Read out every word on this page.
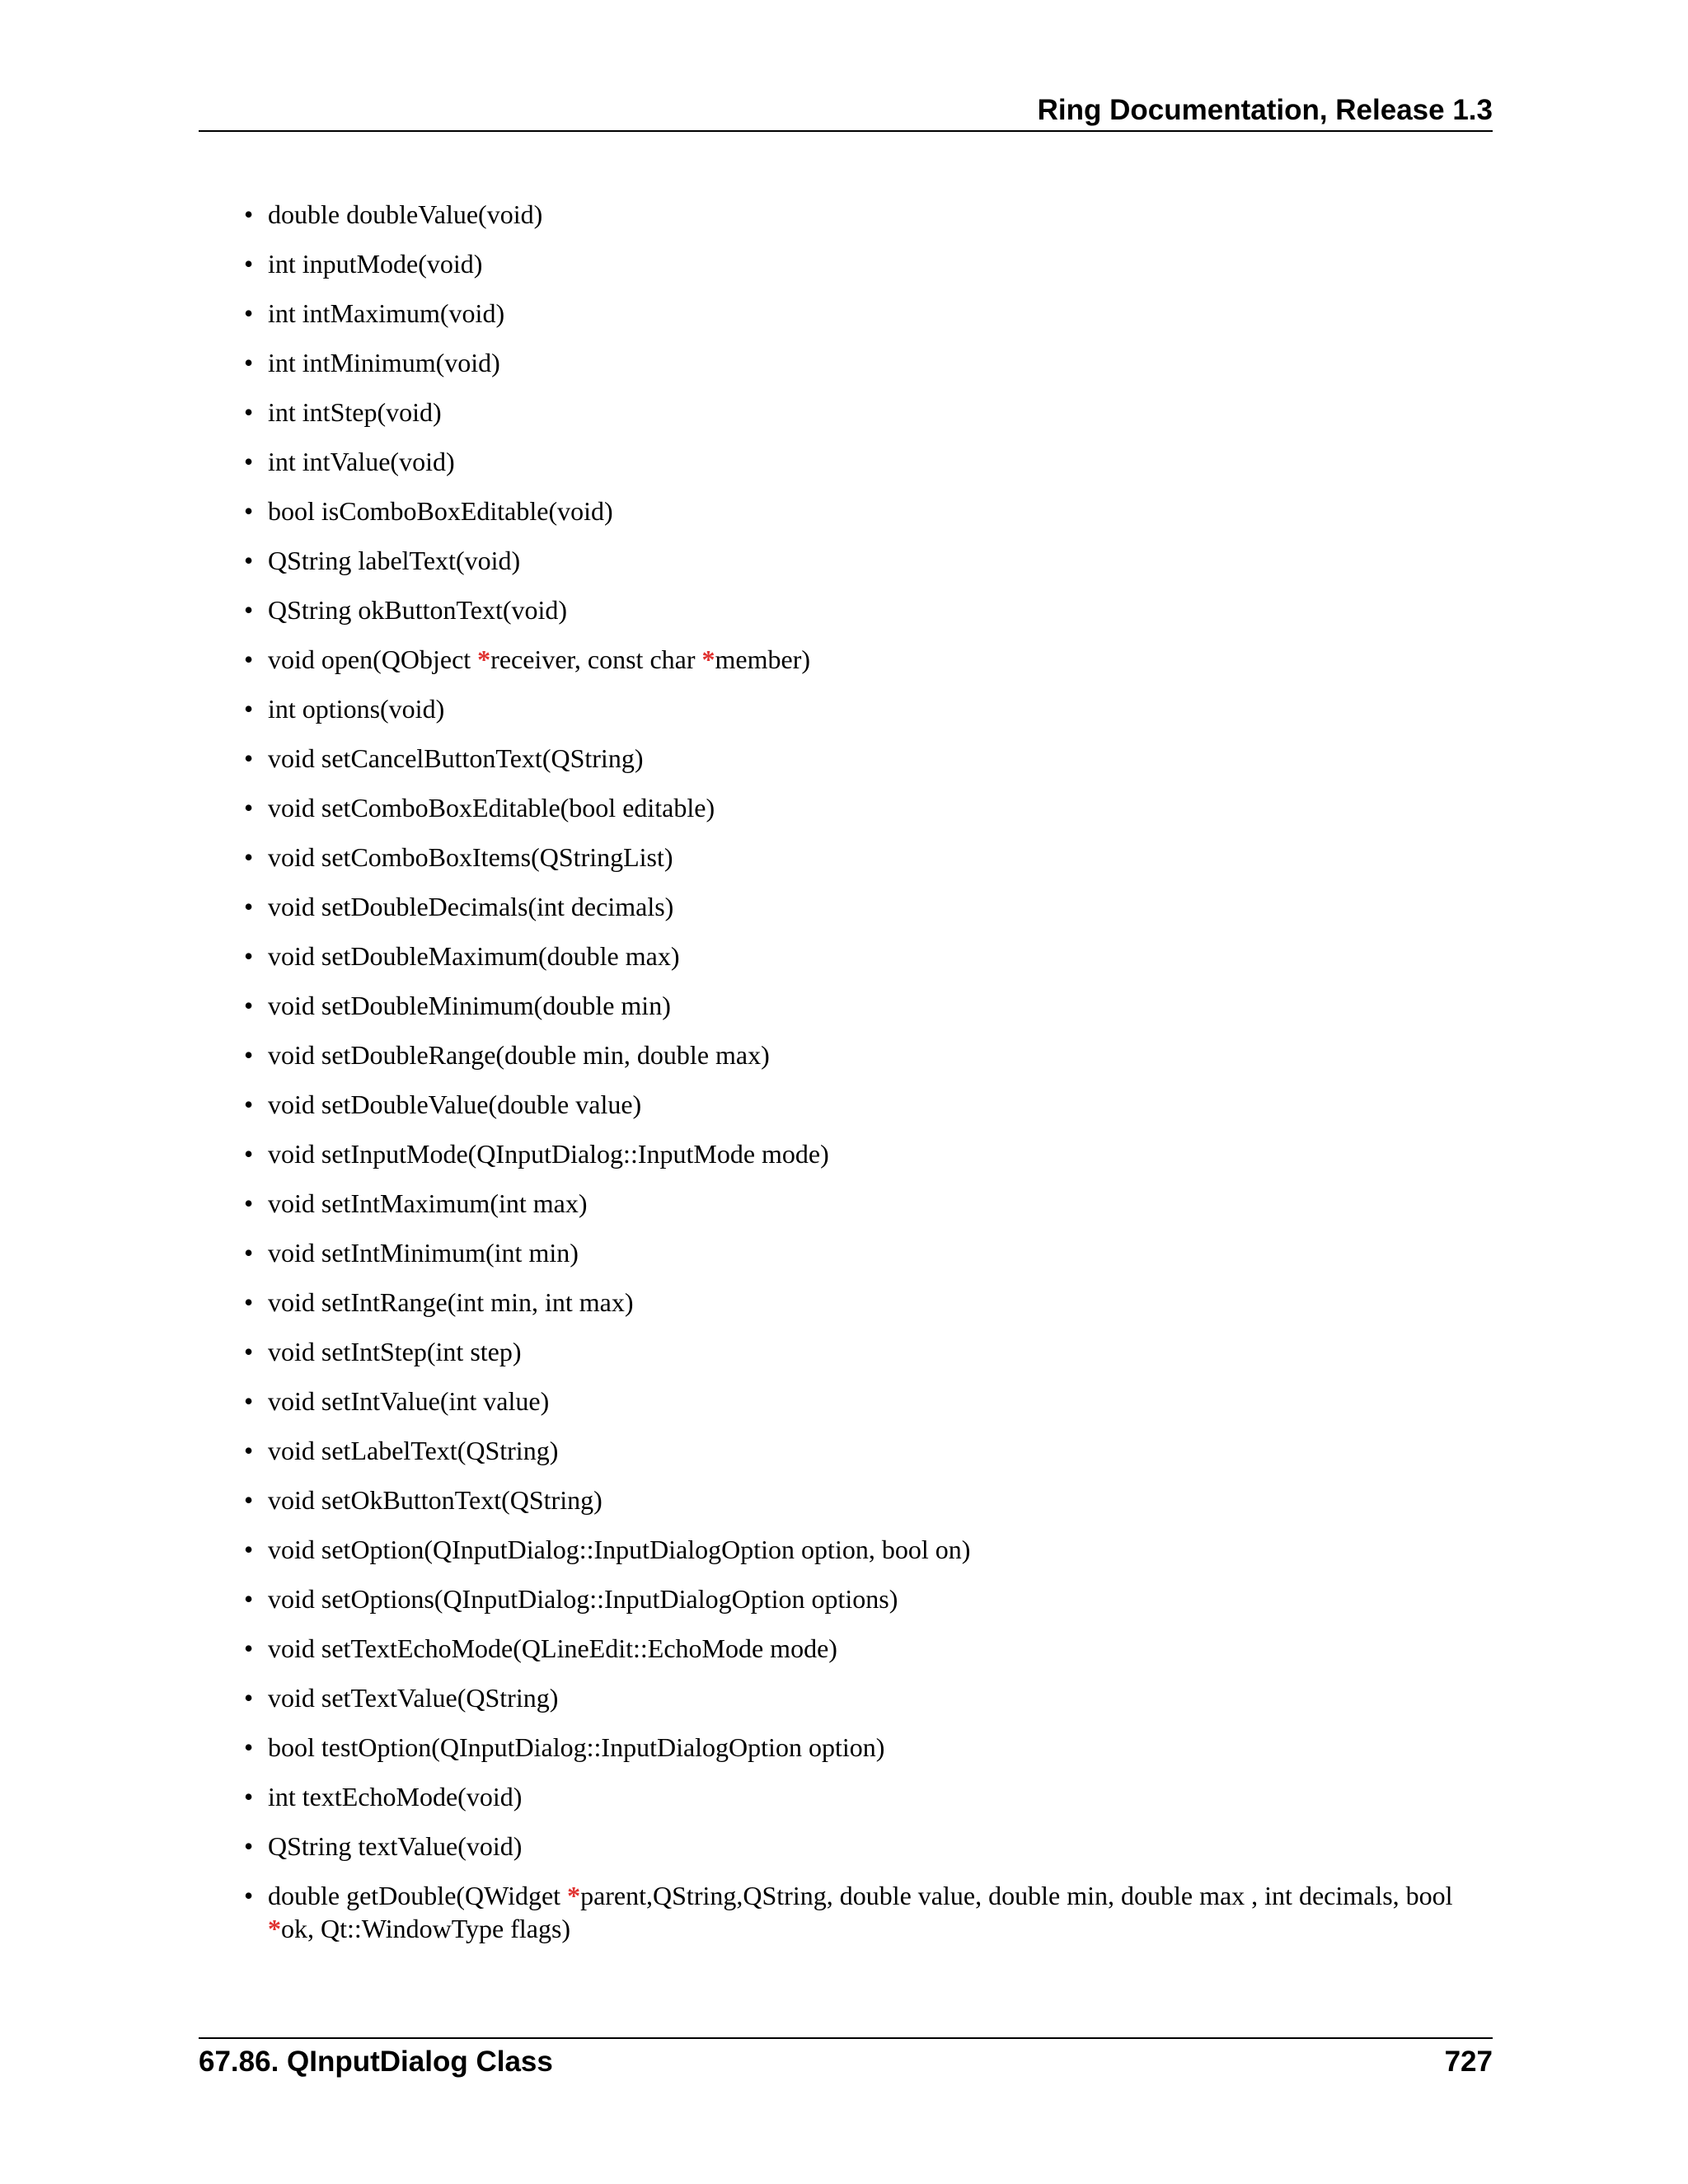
Ring Documentation, Release 1.3
• double doubleValue(void)
• int inputMode(void)
• int intMaximum(void)
• int intMinimum(void)
• int intStep(void)
• int intValue(void)
• bool isComboBoxEditable(void)
• QString labelText(void)
• QString okButtonText(void)
• void open(QObject *receiver, const char *member)
• int options(void)
• void setCancelButtonText(QString)
• void setComboBoxEditable(bool editable)
• void setComboBoxItems(QStringList)
• void setDoubleDecimals(int decimals)
• void setDoubleMaximum(double max)
• void setDoubleMinimum(double min)
• void setDoubleRange(double min, double max)
• void setDoubleValue(double value)
• void setInputMode(QInputDialog::InputMode mode)
• void setIntMaximum(int max)
• void setIntMinimum(int min)
• void setIntRange(int min, int max)
• void setIntStep(int step)
• void setIntValue(int value)
• void setLabelText(QString)
• void setOkButtonText(QString)
• void setOption(QInputDialog::InputDialogOption option, bool on)
• void setOptions(QInputDialog::InputDialogOption options)
• void setTextEchoMode(QLineEdit::EchoMode mode)
• void setTextValue(QString)
• bool testOption(QInputDialog::InputDialogOption option)
• int textEchoMode(void)
• QString textValue(void)
• double getDouble(QWidget *parent,QString,QString, double value, double min, double max , int decimals, bool *ok, Qt::WindowType flags)
67.86. QInputDialog Class	727
